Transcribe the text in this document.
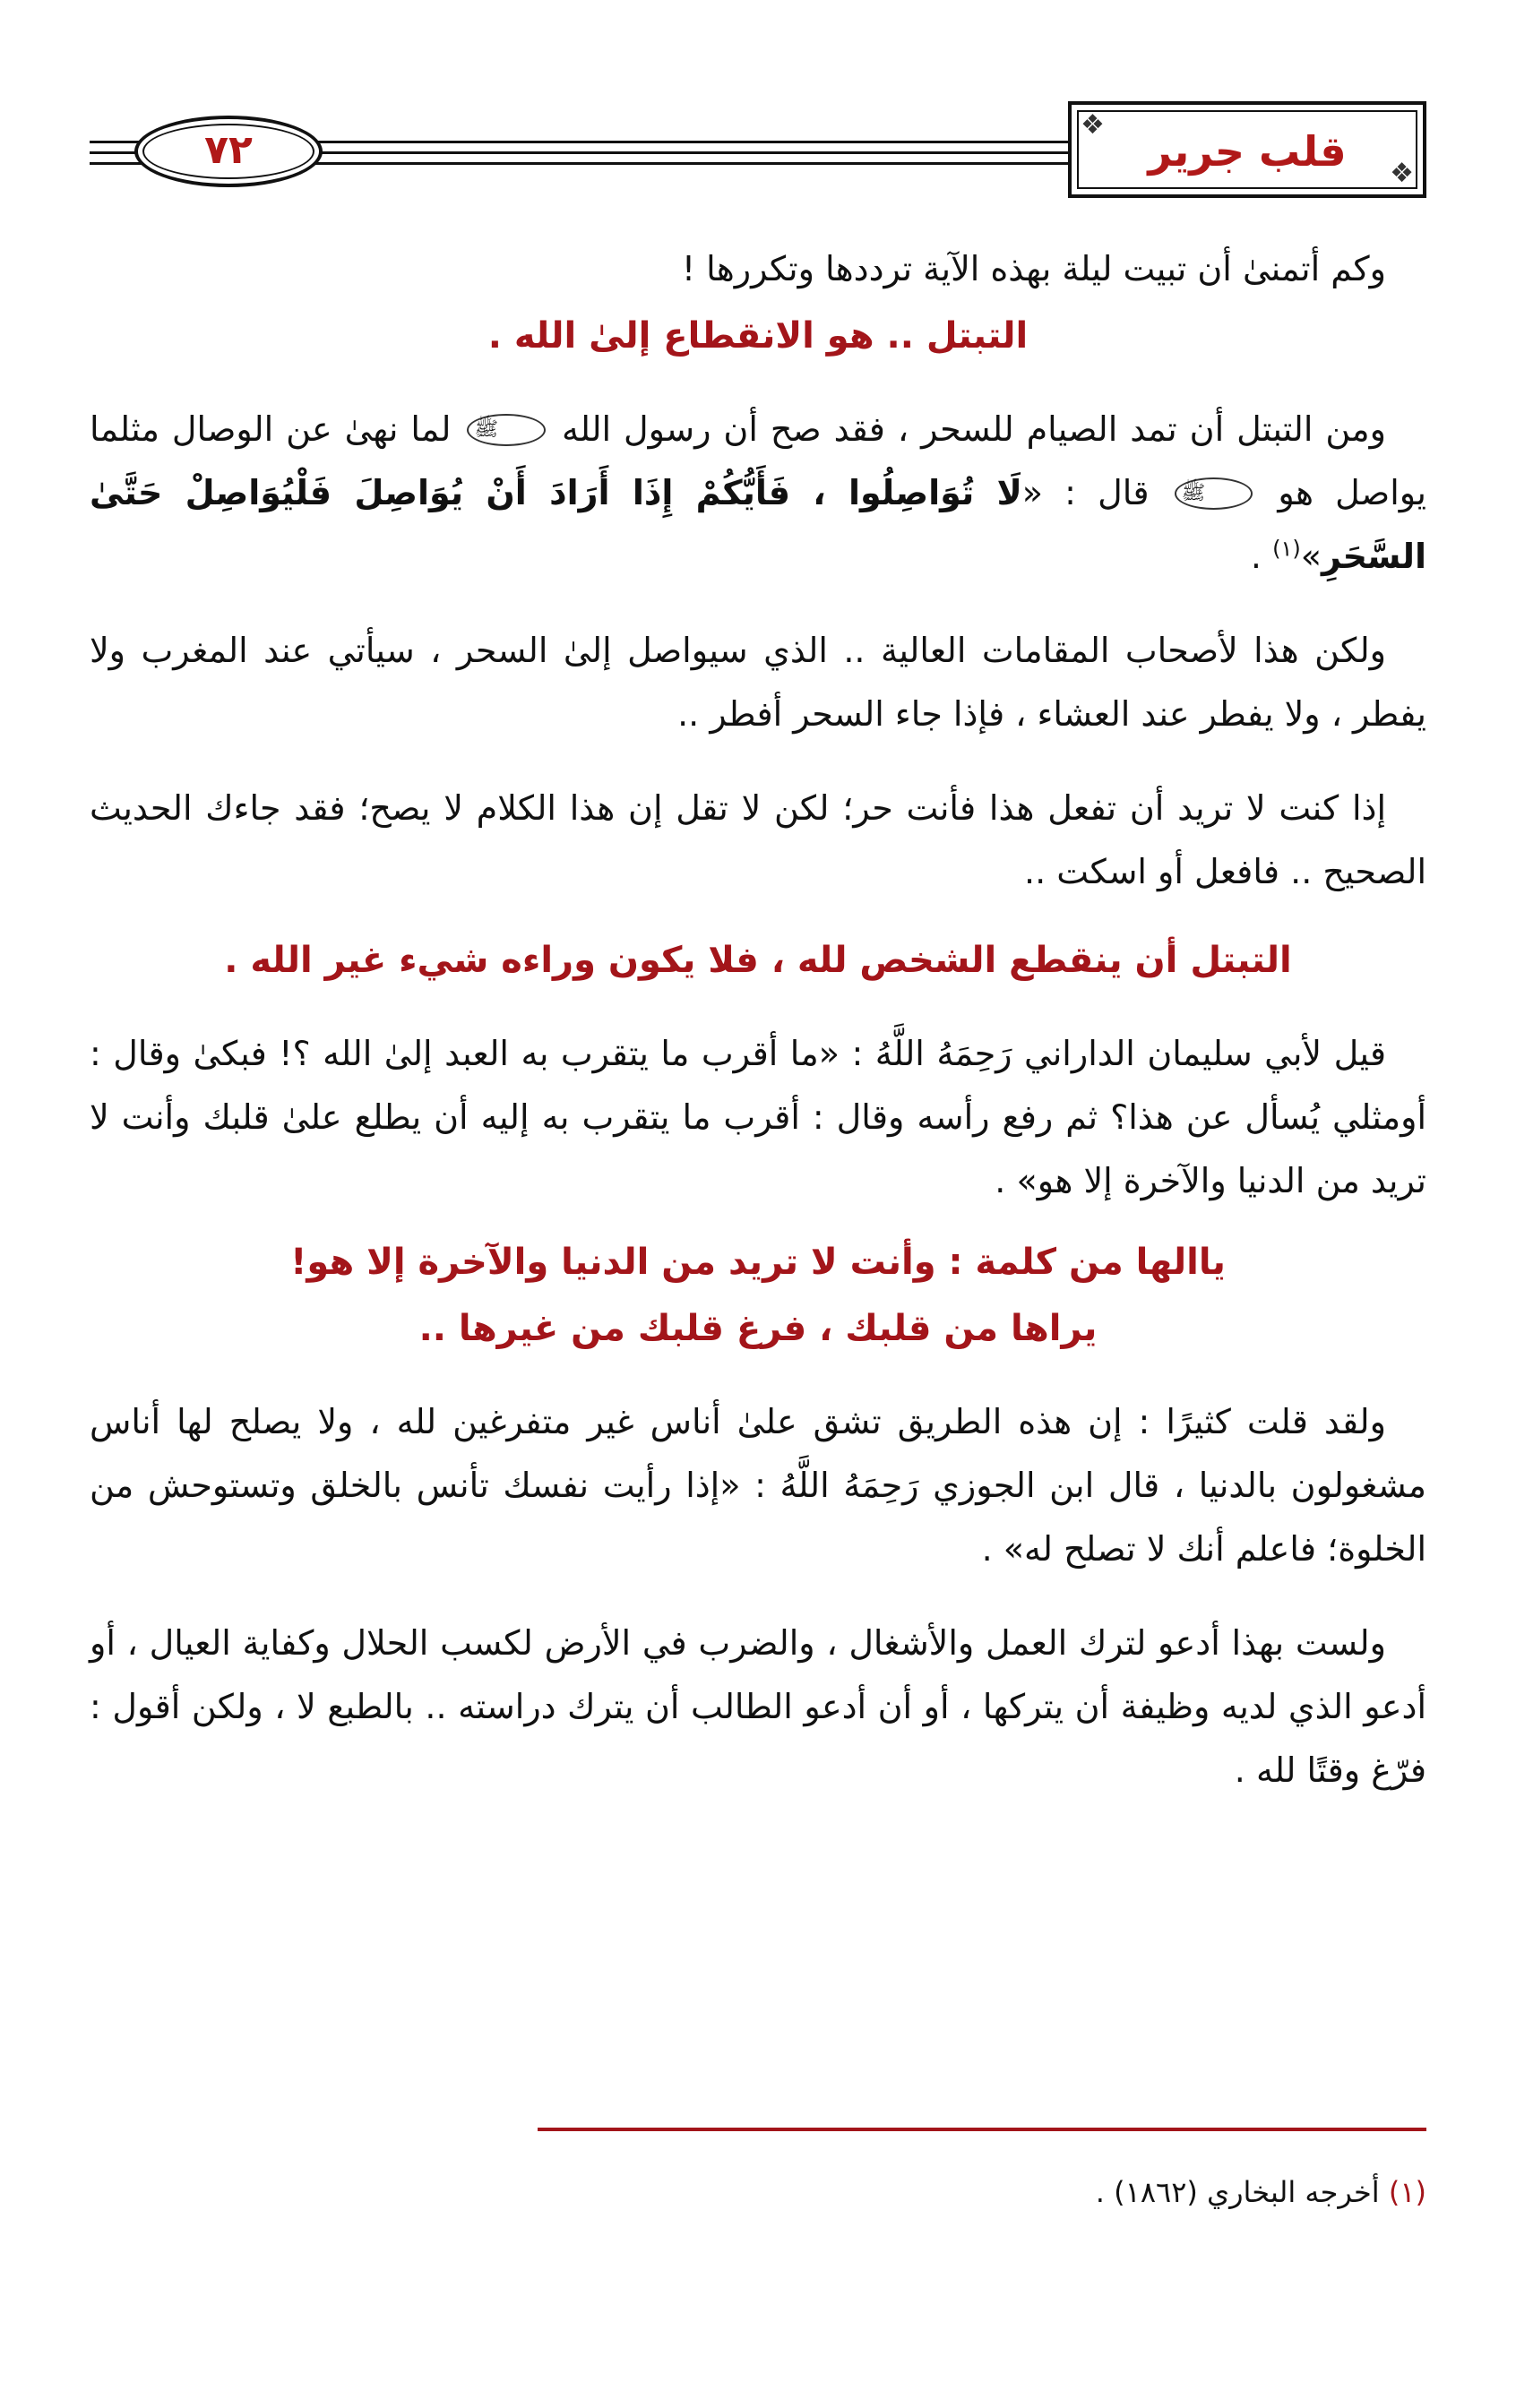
٧٢
❖
❖
قلب جرير

وكم أتمنىٰ أن تبيت ليلة بهذه الآية ترددها وتكررها !

التبتل .. هو الانقطاع إلىٰ الله .

ومن التبتل أن تمد الصيام للسحر ، فقد صح أن رسول الله ﷺ لما نهىٰ عن الوصال مثلما يواصل هو ﷺ قال : «لَا تُوَاصِلُوا ، فَأَيُّكُمْ إِذَا أَرَادَ أَنْ يُوَاصِلَ فَلْيُوَاصِلْ حَتَّىٰ السَّحَرِ»$^{(١)}$ .

ولكن هذا لأصحاب المقامات العالية .. الذي سيواصل إلىٰ السحر ، سيأتي عند المغرب ولا يفطر ، ولا يفطر عند العشاء ، فإذا جاء السحر أفطر ..

إذا كنت لا تريد أن تفعل هذا فأنت حر؛ لكن لا تقل إن هذا الكلام لا يصح؛ فقد جاءك الحديث الصحيح .. فافعل أو اسكت ..

التبتل أن ينقطع الشخص لله ، فلا يكون وراءه شيء غير الله .

قيل لأبي سليمان الداراني رَحِمَهُ اللَّهُ : «ما أقرب ما يتقرب به العبد إلىٰ الله ؟! فبكىٰ وقال : أومثلي يُسأل عن هذا؟ ثم رفع رأسه وقال : أقرب ما يتقرب به إليه أن يطلع علىٰ قلبك وأنت لا تريد من الدنيا والآخرة إلا هو» .

ياالها من كلمة : وأنت لا تريد من الدنيا والآخرة إلا هو!
يراها من قلبك ، فرغ قلبك من غيرها ..

ولقد قلت كثيرًا : إن هذه الطريق تشق علىٰ أناس غير متفرغين لله ، ولا يصلح لها أناس مشغولون بالدنيا ، قال ابن الجوزي رَحِمَهُ اللَّهُ : «إذا رأيت نفسك تأنس بالخلق وتستوحش من الخلوة؛ فاعلم أنك لا تصلح له» .

ولست بهذا أدعو لترك العمل والأشغال ، والضرب في الأرض لكسب الحلال وكفاية العيال ، أو أدعو الذي لديه وظيفة أن يتركها ، أو أن أدعو الطالب أن يترك دراسته .. بالطبع لا ، ولكن أقول : فرّغ وقتًا لله .

(١) أخرجه البخاري (١٨٦٢) .
